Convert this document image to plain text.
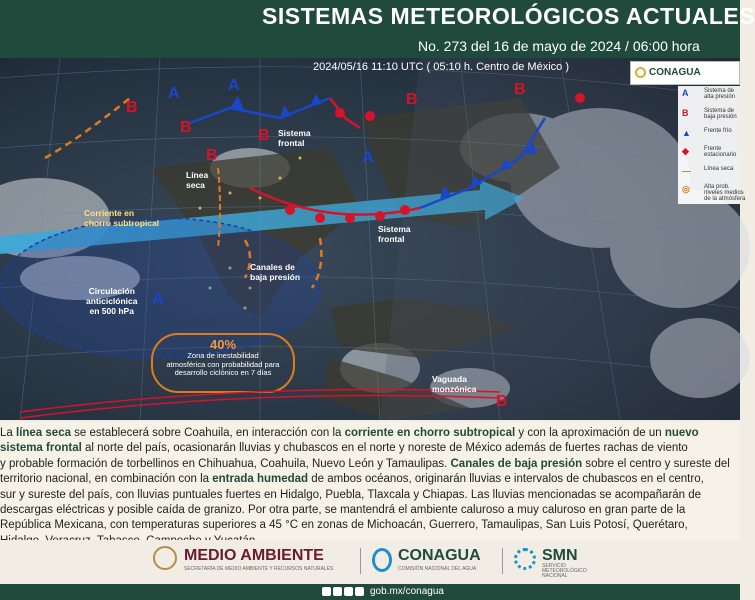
SISTEMAS METEOROLÓGICOS ACTUALES
No. 273 del 16 de mayo de 2024 / 06:00 hora
A	A
A
A
B
B	B
B
B
B
B
Sistema
frontal
Línea
seca
Corriente en
chorro subtropical
Sistema
frontal
Canales de
baja presión
Circulación
anticiclónica
en 500 hPa
40%
Zona de inestabilidad
atmosférica con probabilidad para
desarrollo ciclónico en 7 días
Vaguada
monzónica
2024/05/16 11:10 UTC ( 05:10 h. Centro de México )	CONAGUA
A	Sistema de
alta presión
B	Sistema de
baja presión
▲ Frente frío
◆	Frente
estacionario
— Línea seca
◎ Alta prob.
niveles medios
de la atmósfera

La línea seca se establecerá sobre Coahuila, en interacción con la corriente en chorro subtropical y con la aproximación de un nuevo

sistema frontal al norte del país, ocasionarán lluvias y chubascos en el norte y noreste de México además de fuertes rachas de viento

y probable formación de torbellinos en Chihuahua, Coahuila, Nuevo León y Tamaulipas. Canales de baja presión sobre el centro y sureste del

territorio nacional, en combinación con la entrada humedad de ambos océanos, originarán lluvias e intervalos de chubascos en el centro,

sur y sureste del país, con lluvias puntuales fuertes en Hidalgo, Puebla, Tlaxcala y Chiapas. Las lluvias mencionadas se acompañarán de

descargas eléctricas y posible caída de granizo. Por otra parte, se mantendrá el ambiente caluroso a muy caluroso en gran parte de la

República Mexicana, con temperaturas superiores a 45 °C en zonas de Michoacán, Guerrero, Tamaulipas, San Luis Potosí, Querétaro,

MEDIO AMBIENTE
SECRETARÍA DE MEDIO AMBIENTE Y RECURSOS NATURALES
CONAGUA
COMISIÓN NACIONAL DEL AGUA
SMN
SERVICIO
METEOROLÓGICO
NACIONAL
gob.mx/conagua
